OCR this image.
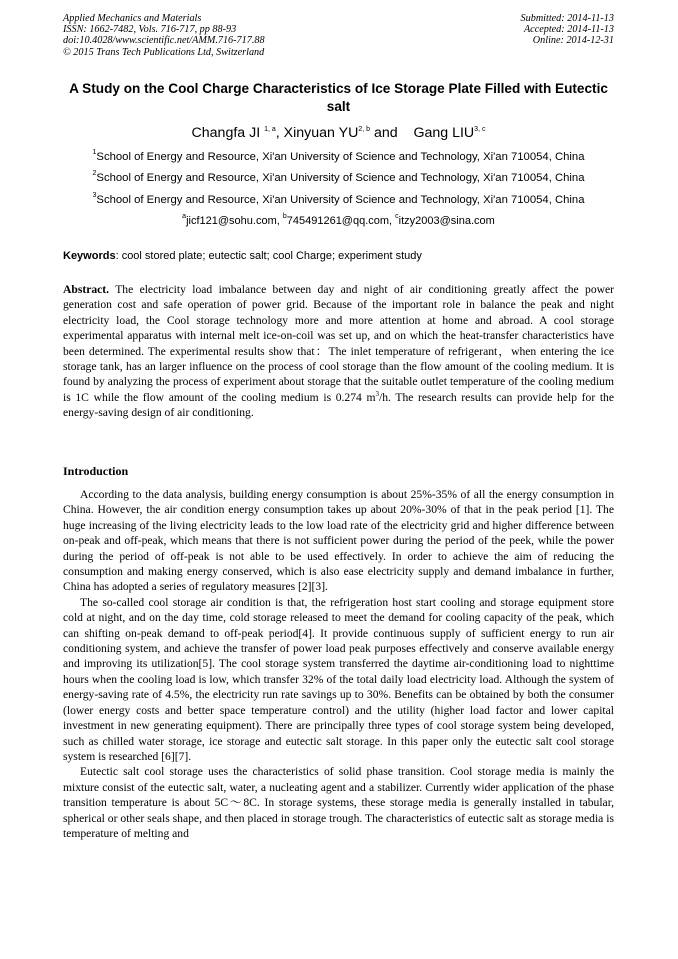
Applied Mechanics and Materials
ISSN: 1662-7482, Vols. 716-717, pp 88-93
doi:10.4028/www.scientific.net/AMM.716-717.88
© 2015 Trans Tech Publications Ltd, Switzerland
Submitted: 2014-11-13
Accepted: 2014-11-13
Online: 2014-12-31
A Study on the Cool Charge Characteristics of Ice Storage Plate Filled with Eutectic salt
Changfa JI $^{1, a}$, Xinyuan YU$^{2, b}$ and    Gang LIU$^{3, c}$
$^1$School of Energy and Resource, Xi'an University of Science and Technology, Xi'an 710054, China
$^2$School of Energy and Resource, Xi'an University of Science and Technology, Xi'an 710054, China
$^3$School of Energy and Resource, Xi'an University of Science and Technology, Xi'an 710054, China
$^a$jicf121@sohu.com, $^b$745491261@qq.com, $^c$itzy2003@sina.com
Keywords: cool stored plate; eutectic salt; cool Charge; experiment study
Abstract. The electricity load imbalance between day and night of air conditioning greatly affect the power generation cost and safe operation of power grid. Because of the important role in balance the peak and night electricity load, the Cool storage technology more and more attention at home and abroad. A cool storage experimental apparatus with internal melt ice-on-coil was set up, and on which the heat-transfer characteristics have been determined. The experimental results show that：The inlet temperature of refrigerant，when entering the ice storage tank, has an larger influence on the process of cool storage than the flow amount of the cooling medium. It is found by analyzing the process of experiment about storage that the suitable outlet temperature of the cooling medium is 1C while the flow amount of the cooling medium is 0.274 $m^3/h$. The research results can provide help for the energy-saving design of air conditioning.
Introduction

According to the data analysis, building energy consumption is about 25%-35% of all the energy consumption in China. However, the air condition energy consumption takes up about 20%-30% of that in the peak period [1]. The huge increasing of the living electricity leads to the low load rate of the electricity grid and higher difference between on-peak and off-peak, which means that there is not sufficient power during the period of the peek, while the power during the period of off-peak is not able to be used effectively. In order to achieve the aim of reducing the consumption and making energy conserved, which is also ease electricity supply and demand imbalance in further, China has adopted a series of regulatory measures [2][3].

The so-called cool storage air condition is that, the refrigeration host start cooling and storage equipment store cold at night, and on the day time, cold storage released to meet the demand for cooling capacity of the peak, which can shifting on-peak demand to off-peak period[4]. It provide continuous supply of sufficient energy to run air conditioning system, and achieve the transfer of power load peak purposes effectively and conserve available energy and improving its utilization[5]. The cool storage system transferred the daytime air-conditioning load to nighttime hours when the cooling load is low, which transfer 32% of the total daily load electricity load. Although the system of energy-saving rate of 4.5%, the electricity run rate savings up to 30%. Benefits can be obtained by both the consumer (lower energy costs and better space temperature control) and the utility (higher load factor and lower capital investment in new generating equipment). There are principally three types of cool storage system being developed, such as chilled water storage, ice storage and eutectic salt storage. In this paper only the eutectic salt cool storage system is researched [6][7].

Eutectic salt cool storage uses the characteristics of solid phase transition. Cool storage media is mainly the mixture consist of the eutectic salt, water, a nucleating agent and a stabilizer. Currently wider application of the phase transition temperature is about 5C～8C. In storage systems, these storage media is generally installed in tabular, spherical or other seals shape, and then placed in storage trough. The characteristics of eutectic salt as storage media is temperature of melting and
